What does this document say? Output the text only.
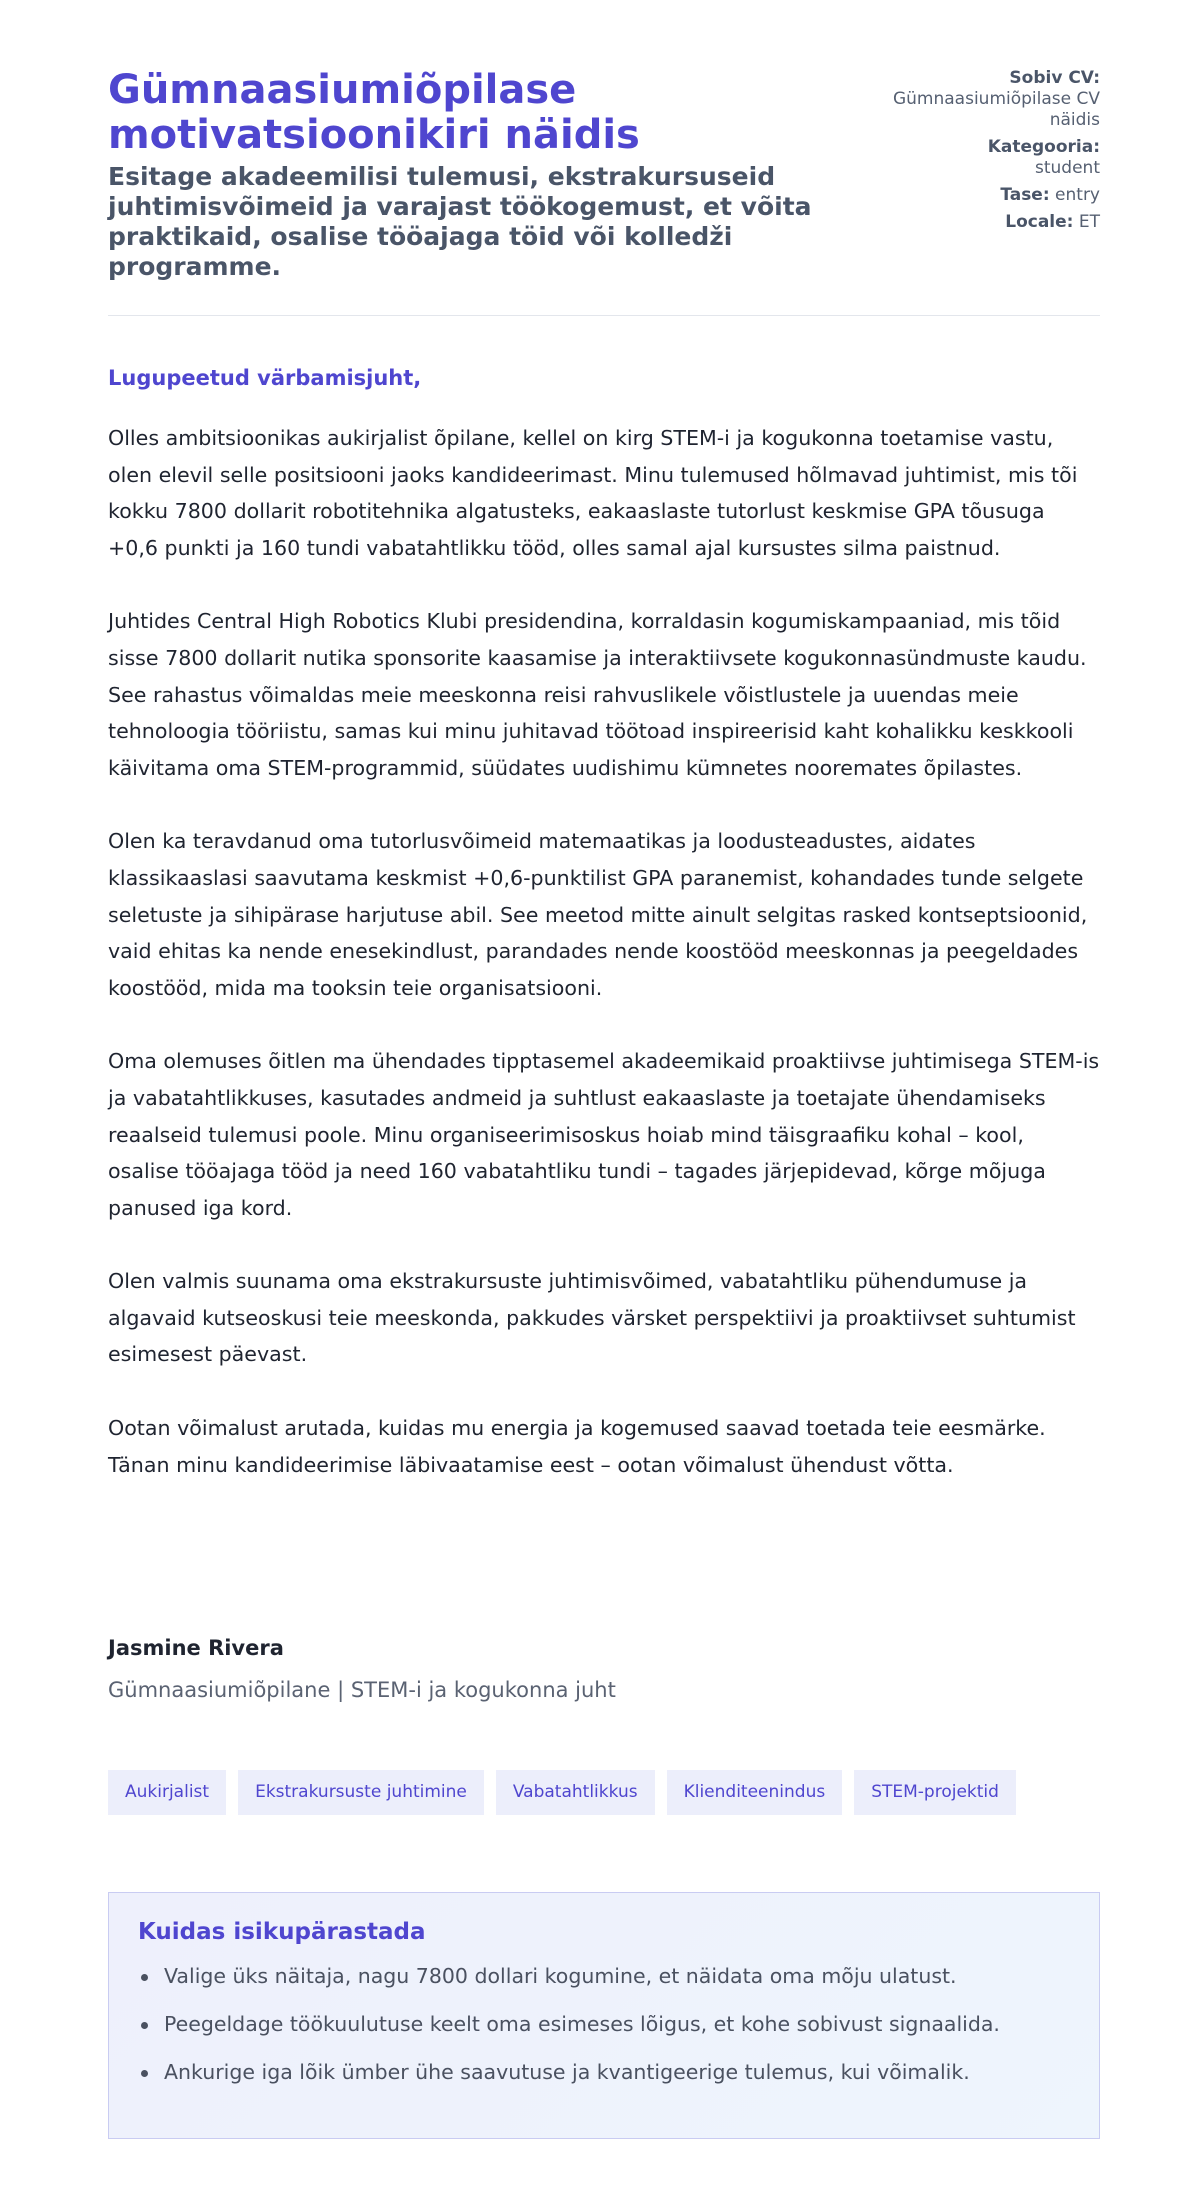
Gümnaasiumiõpilase motivatsioonikiri näidis
Esitage akadeemilisi tulemusi, ekstrakursuseid juhtimisvõimeid ja varajast töökogemust, et võita praktikaid, osalise tööajaga töid või kolledži programme.
Sobiv CV:
Gümnaasiumiõpilase CV näidis
Kategooria:
student
Tase: entry
Locale: ET
Lugupeetud värbamisjuht,

Olles ambitsioonikas aukirjalist õpilane, kellel on kirg STEM-i ja kogukonna toetamise vastu, olen elevil selle positsiooni jaoks kandideerimast. Minu tulemused hõlmavad juhtimist, mis tõi kokku 7800 dollarit robotitehnika algatusteks, eakaaslaste tutorlust keskmise GPA tõusuga +0,6 punkti ja 160 tundi vabatahtlikku tööd, olles samal ajal kursustes silma paistnud.

Juhtides Central High Robotics Klubi presidendina, korraldasin kogumiskampaaniad, mis tõid sisse 7800 dollarit nutika sponsorite kaasamise ja interaktiivsete kogukonnasündmuste kaudu. See rahastus võimaldas meie meeskonna reisi rahvuslikele võistlustele ja uuendas meie tehnoloogia tööriistu, samas kui minu juhitavad töötoad inspireerisid kaht kohalikku keskkooli käivitama oma STEM-programmid, süüdates uudishimu kümnetes nooremates õpilastes.

Olen ka teravdanud oma tutorlusvõimeid matemaatikas ja loodusteadustes, aidates klassikaaslasi saavutama keskmist +0,6-punktilist GPA paranemist, kohandades tunde selgete seletuste ja sihipärase harjutuse abil. See meetod mitte ainult selgitas rasked kontseptsioonid, vaid ehitas ka nende enesekindlust, parandades nende koostööd meeskonnas ja peegeldades koostööd, mida ma tooksin teie organisatsiooni.

Oma olemuses õitlen ma ühendades tipptasemel akadeemikaid proaktiivse juhtimisega STEM-is ja vabatahtlikkuses, kasutades andmeid ja suhtlust eakaaslaste ja toetajate ühendamiseks reaalseid tulemusi poole. Minu organiseerimisoskus hoiab mind täisgraafiku kohal – kool, osalise tööajaga tööd ja need 160 vabatahtliku tundi – tagades järjepidevad, kõrge mõjuga panused iga kord.

Olen valmis suunama oma ekstrakursuste juhtimisvõimed, vabatahtliku pühendumuse ja algavaid kutseoskusi teie meeskonda, pakkudes värsket perspektiivi ja proaktiivset suhtumist esimesest päevast.

Ootan võimalust arutada, kuidas mu energia ja kogemused saavad toetada teie eesmärke. Tänan minu kandideerimise läbivaatamise eest – ootan võimalust ühendust võtta.

Jasmine Rivera
Gümnaasiumiõpilane | STEM-i ja kogukonna juht
Aukirjalist	Ekstrakursuste juhtimine	Vabatahtlikkus	Klienditeenindus	STEM-projektid
Kuidas isikupärastada
Valige üks näitaja, nagu 7800 dollari kogumine, et näidata oma mõju ulatust.
Peegeldage töökuulutuse keelt oma esimeses lõigus, et kohe sobivust signaalida.
Ankurige iga lõik ümber ühe saavutuse ja kvantigeerige tulemus, kui võimalik.
